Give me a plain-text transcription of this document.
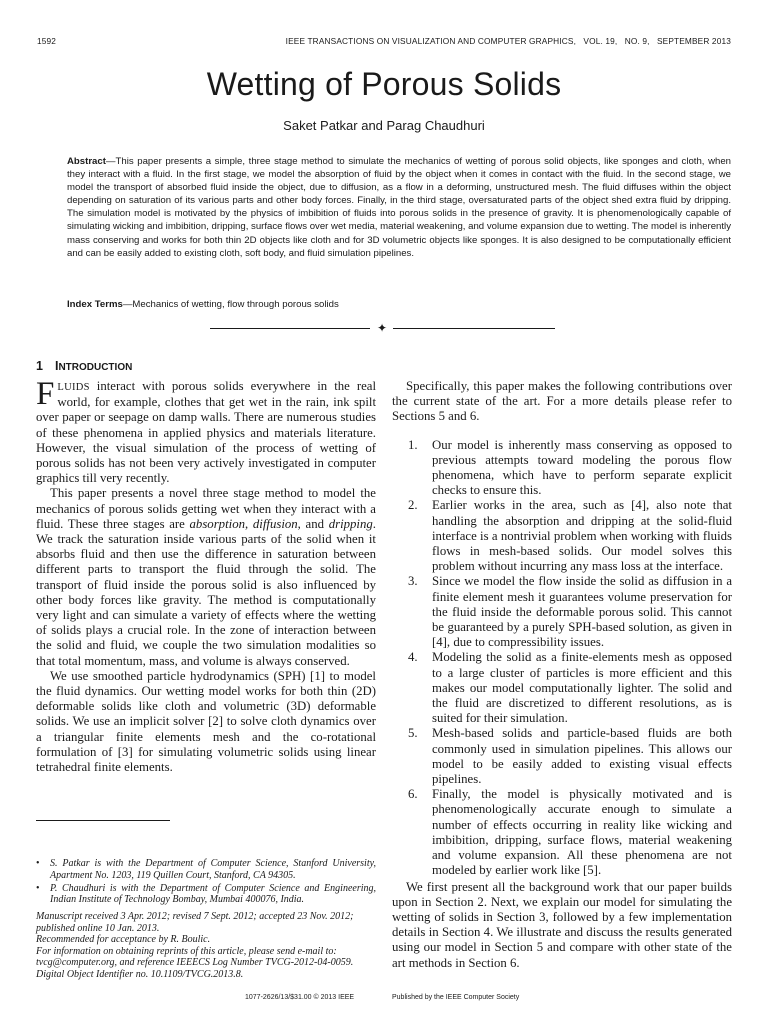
1592	IEEE TRANSACTIONS ON VISUALIZATION AND COMPUTER GRAPHICS,   VOL. 19,   NO. 9,   SEPTEMBER 2013
Wetting of Porous Solids
Saket Patkar and Parag Chaudhuri
Abstract—This paper presents a simple, three stage method to simulate the mechanics of wetting of porous solid objects, like sponges and cloth, when they interact with a fluid. In the first stage, we model the absorption of fluid by the object when it comes in contact with the fluid. In the second stage, we model the transport of absorbed fluid inside the object, due to diffusion, as a flow in a deforming, unstructured mesh. The fluid diffuses within the object depending on saturation of its various parts and other body forces. Finally, in the third stage, oversaturated parts of the object shed extra fluid by dripping. The simulation model is motivated by the physics of imbibition of fluids into porous solids in the presence of gravity. It is phenomenologically capable of simulating wicking and imbibition, dripping, surface flows over wet media, material weakening, and volume expansion due to wetting. The model is inherently mass conserving and works for both thin 2D objects like cloth and for 3D volumetric objects like sponges. It is also designed to be computationally efficient and can be easily added to existing cloth, soft body, and fluid simulation pipelines.
Index Terms—Mechanics of wetting, flow through porous solids
✦
1 INTRODUCTION

FLUIDS interact with porous solids everywhere in the real world, for example, clothes that get wet in the rain, ink spilt over paper or seepage on damp walls. There are numerous studies of these phenomena in applied physics and materials literature. However, the visual simulation of the process of wetting of porous solids has not been very actively investigated in computer graphics till very recently.

This paper presents a novel three stage method to model the mechanics of porous solids getting wet when they interact with a fluid. These three stages are absorption, diffusion, and dripping. We track the saturation inside various parts of the solid when it absorbs fluid and then use the difference in saturation between different parts to transport the fluid through the solid. The transport of fluid inside the porous solid is also influenced by other body forces like gravity. The method is computationally very light and can simulate a variety of effects where the wetting of solids plays a crucial role. In the zone of interaction between the solid and fluid, we couple the two simulation modalities so that total momentum, mass, and volume is always conserved.

We use smoothed particle hydrodynamics (SPH) [1] to model the fluid dynamics. Our wetting model works for both thin (2D) deformable solids like cloth and volumetric (3D) deformable solids. We use an implicit solver [2] to solve cloth dynamics over a triangular finite elements mesh and the co-rotational formulation of [3] for simulating volumetric solids using linear tetrahedral finite elements.

• S. Patkar is with the Department of Computer Science, Stanford University, Apartment No. 1203, 119 Quillen Court, Stanford, CA 94305.
• P. Chaudhuri is with the Department of Computer Science and Engineering, Indian Institute of Technology Bombay, Mumbai 400076, India.
Manuscript received 3 Apr. 2012; revised 7 Sept. 2012; accepted 23 Nov. 2012; published online 10 Jan. 2013.
Recommended for acceptance by R. Boulic.
For information on obtaining reprints of this article, please send e-mail to: tvcg@computer.org, and reference IEEECS Log Number TVCG-2012-04-0059.
Digital Object Identifier no. 10.1109/TVCG.2013.8.

Specifically, this paper makes the following contributions over the current state of the art. For a more details please refer to Sections 5 and 6.

1. Our model is inherently mass conserving as opposed to previous attempts toward modeling the porous flow phenomena, which have to perform separate explicit checks to ensure this.
2. Earlier works in the area, such as [4], also note that handling the absorption and dripping at the solid-fluid interface is a nontrivial problem when working with fluids flows in mesh-based solids. Our model solves this problem without incurring any mass loss at the interface.
3. Since we model the flow inside the solid as diffusion in a finite element mesh it guarantees volume preservation for the fluid inside the deformable porous solid. This cannot be guaranteed by a purely SPH-based solution, as given in [4], due to compressibility issues.
4. Modeling the solid as a finite-elements mesh as opposed to a large cluster of particles is more efficient and this makes our model computationally lighter. The solid and the fluid are discretized to different resolutions, as is suited for their simulation.
5. Mesh-based solids and particle-based fluids are both commonly used in simulation pipelines. This allows our model to be easily added to existing visual effects pipelines.
6. Finally, the model is physically motivated and is phenomenologically accurate enough to simulate a number of effects occurring in reality like wicking and imbibition, dripping, surface flows, material weakening and volume expansion. All these phenomena are not modeled by earlier work like [5].

We first present all the background work that our paper builds upon in Section 2. Next, we explain our model for simulating the wetting of solids in Section 3, followed by a few implementation details in Section 4. We illustrate and discuss the results generated using our model in Section 5 and compare with other state of the art methods in Section 6.

1077-2626/13/$31.00 © 2013 IEEE	Published by the IEEE Computer Society
